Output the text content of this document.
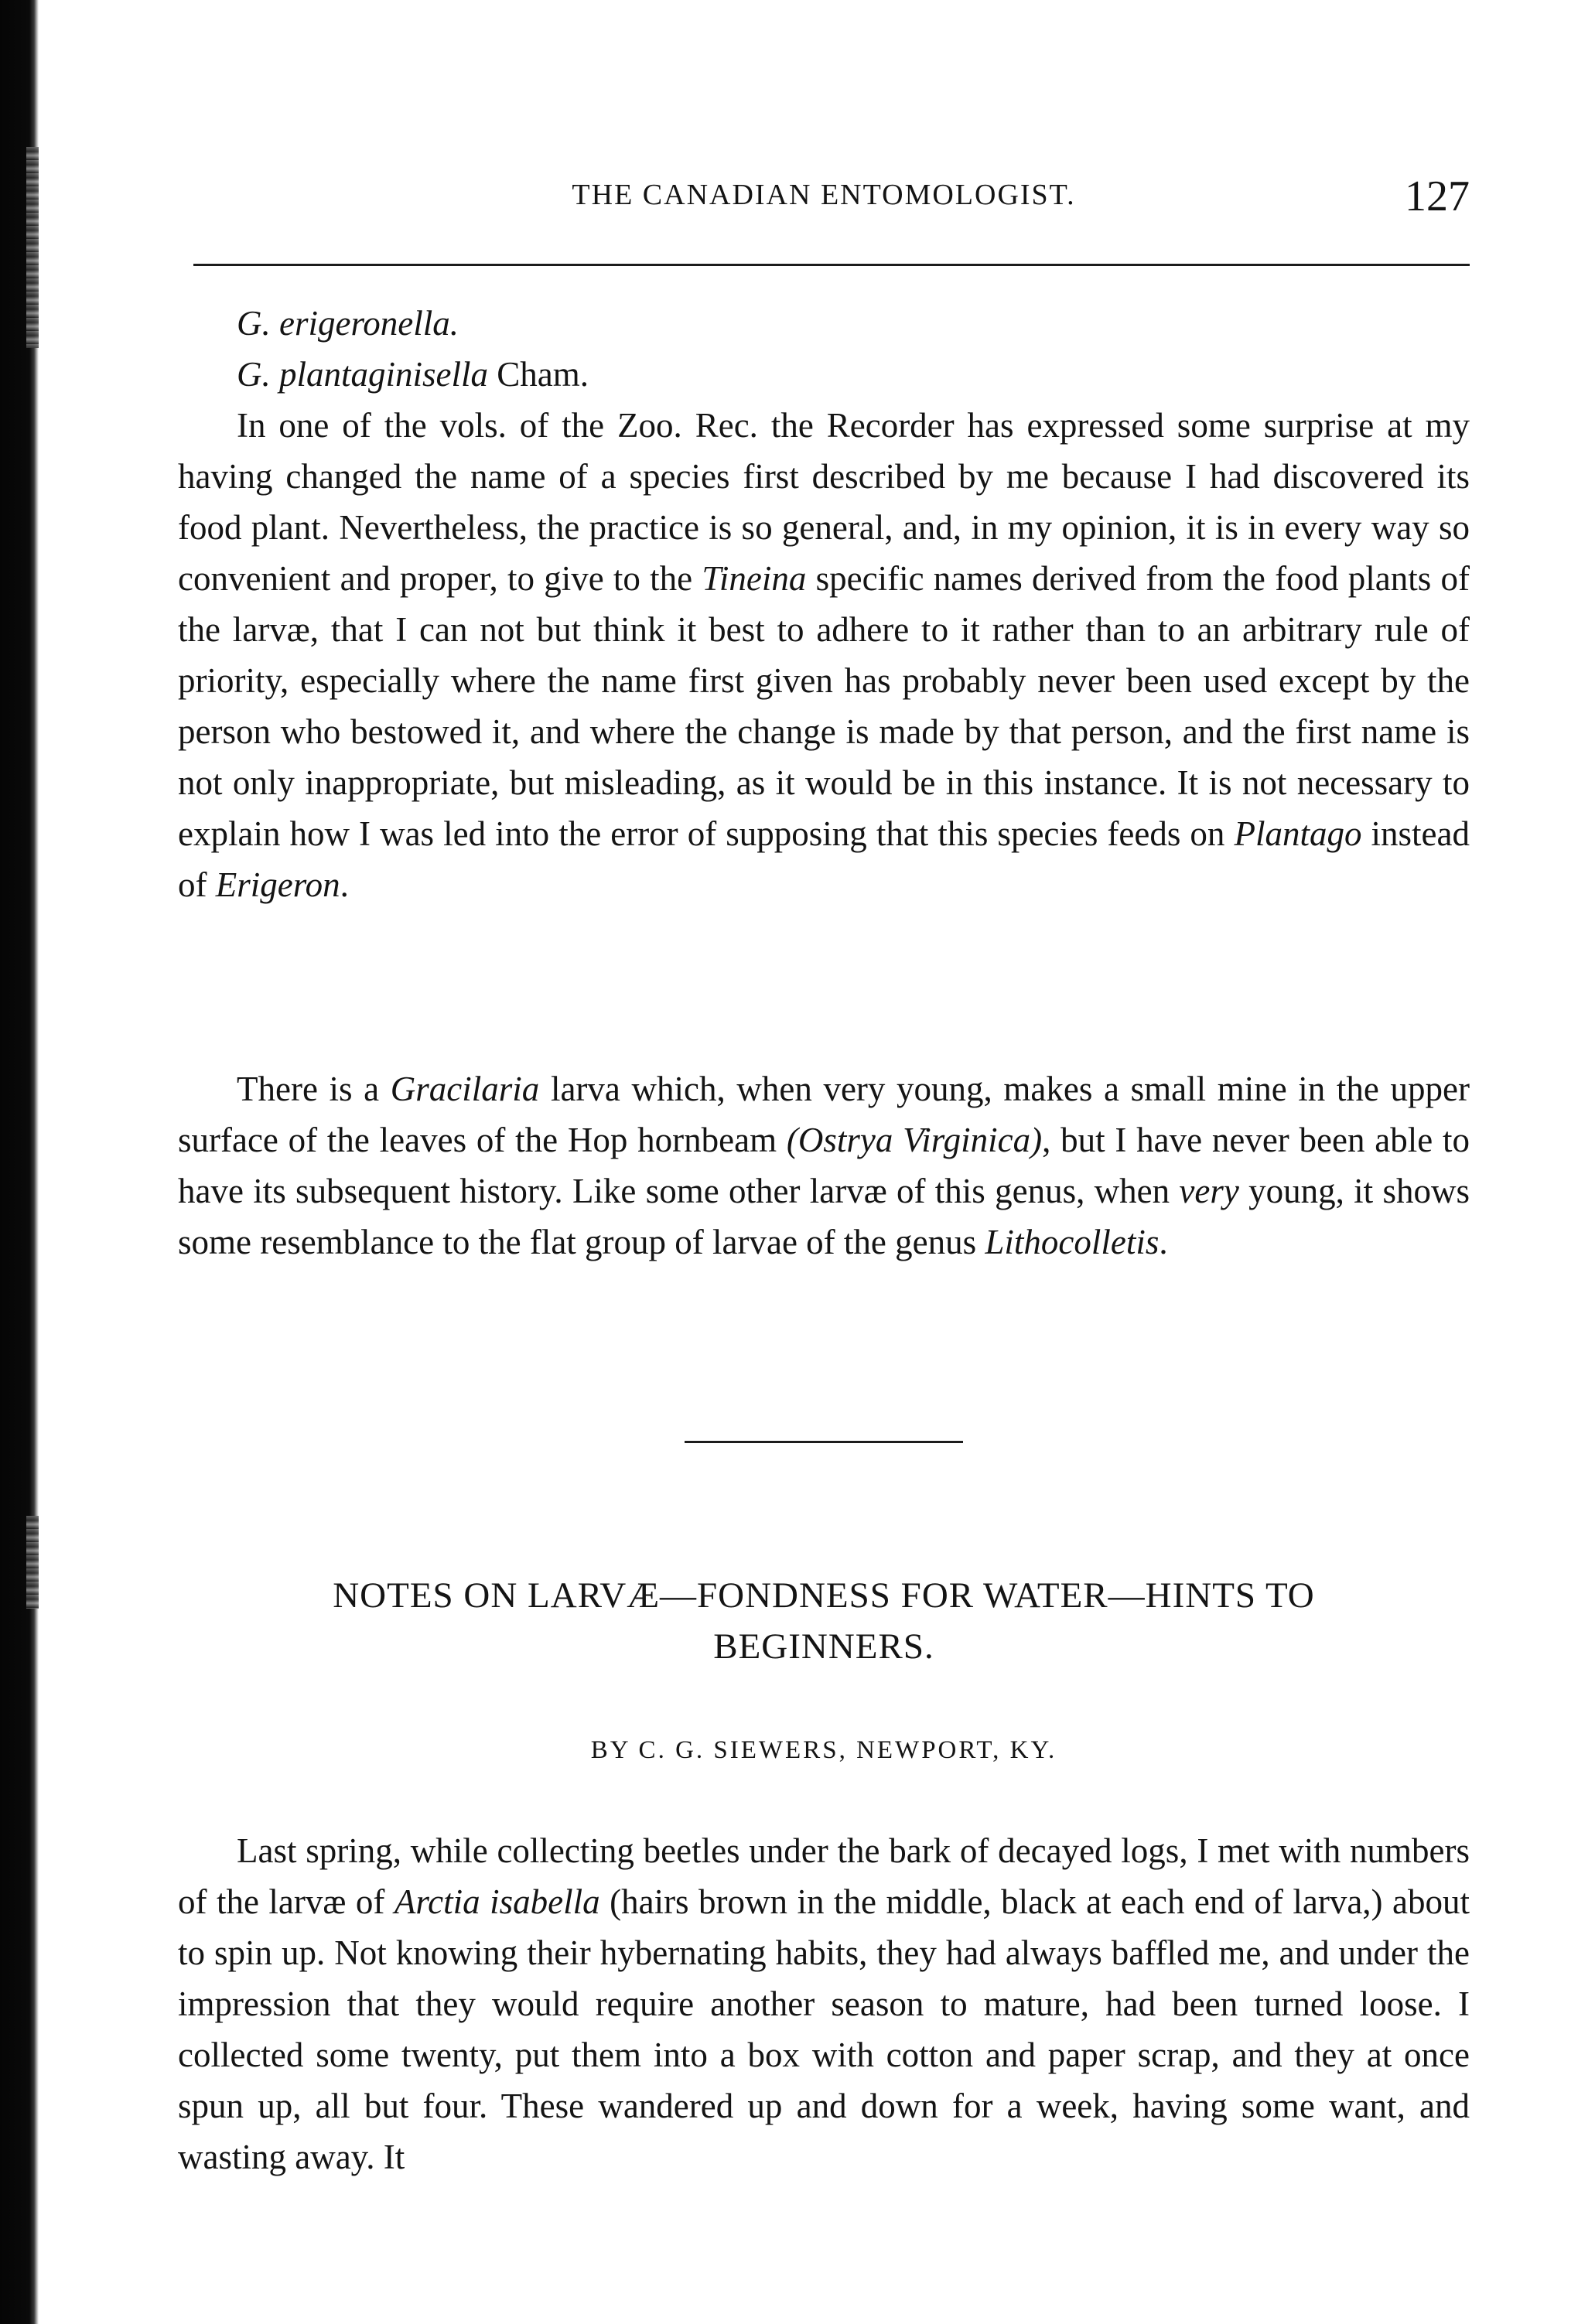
THE CANADIAN ENTOMOLOGIST.	127
G. erigeronella.
G. plantaginisella Cham.

In one of the vols. of the Zoo. Rec. the Recorder has expressed some surprise at my having changed the name of a species first described by me because I had discovered its food plant. Nevertheless, the practice is so general, and, in my opinion, it is in every way so convenient and proper, to give to the Tineina specific names derived from the food plants of the larvæ, that I can not but think it best to adhere to it rather than to an arbitrary rule of priority, especially where the name first given has probably never been used except by the person who bestowed it, and where the change is made by that person, and the first name is not only inappropriate, but misleading, as it would be in this instance. It is not necessary to explain how I was led into the error of supposing that this species feeds on Plantago instead of Erigeron.

There is a Gracilaria larva which, when very young, makes a small mine in the upper surface of the leaves of the Hop hornbeam (Ostrya Virginica), but I have never been able to have its subsequent history. Like some other larvæ of this genus, when very young, it shows some resemblance to the flat group of larvae of the genus Lithocolletis.

NOTES ON LARVÆ—FONDNESS FOR WATER—HINTS TO
BEGINNERS.
BY C. G. SIEWERS, NEWPORT, KY.

Last spring, while collecting beetles under the bark of decayed logs, I met with numbers of the larvæ of Arctia isabella (hairs brown in the middle, black at each end of larva,) about to spin up. Not knowing their hybernating habits, they had always baffled me, and under the impression that they would require another season to mature, had been turned loose. I collected some twenty, put them into a box with cotton and paper scrap, and they at once spun up, all but four. These wandered up and down for a week, having some want, and wasting away. It
